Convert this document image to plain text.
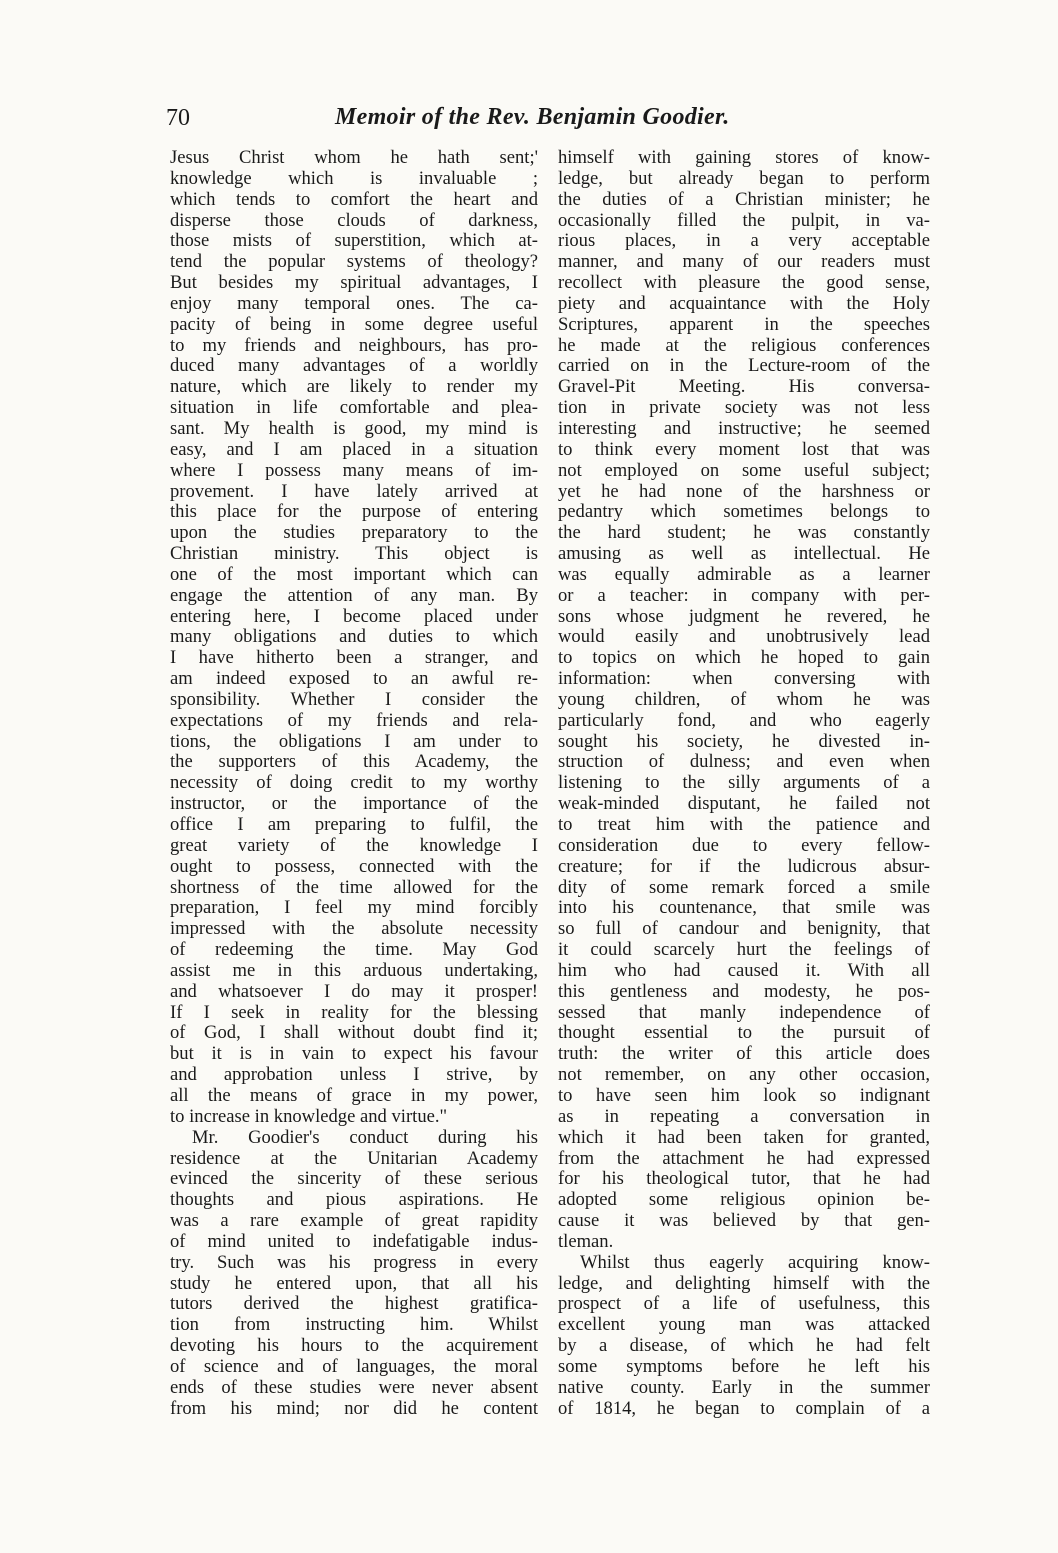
70	Memoir of the Rev. Benjamin Goodier.
Jesus Christ whom he hath sent;'
knowledge which is invaluable ;
which tends to comfort the heart and
disperse those clouds of darkness,
those mists of superstition, which at-
tend the popular systems of theology?
But besides my spiritual advantages, I
enjoy many temporal ones. The ca-
pacity of being in some degree useful
to my friends and neighbours, has pro-
duced many advantages of a worldly
nature, which are likely to render my
situation in life comfortable and plea-
sant. My health is good, my mind is
easy, and I am placed in a situation
where I possess many means of im-
provement. I have lately arrived at
this place for the purpose of entering
upon the studies preparatory to the
Christian ministry. This object is
one of the most important which can
engage the attention of any man. By
entering here, I become placed under
many obligations and duties to which
I have hitherto been a stranger, and
am indeed exposed to an awful re-
sponsibility. Whether I consider the
expectations of my friends and rela-
tions, the obligations I am under to
the supporters of this Academy, the
necessity of doing credit to my worthy
instructor, or the importance of the
office I am preparing to fulfil, the
great variety of the knowledge I
ought to possess, connected with the
shortness of the time allowed for the
preparation, I feel my mind forcibly
impressed with the absolute necessity
of redeeming the time. May God
assist me in this arduous undertaking,
and whatsoever I do may it prosper!
If I seek in reality for the blessing
of God, I shall without doubt find it;
but it is in vain to expect his favour
and approbation unless I strive, by
all the means of grace in my power,
to increase in knowledge and virtue."
Mr. Goodier's conduct during his
residence at the Unitarian Academy
evinced the sincerity of these serious
thoughts and pious aspirations. He
was a rare example of great rapidity
of mind united to indefatigable indus-
try. Such was his progress in every
study he entered upon, that all his
tutors derived the highest gratifica-
tion from instructing him. Whilst
devoting his hours to the acquirement
of science and of languages, the moral
ends of these studies were never absent
from his mind; nor did he content
himself with gaining stores of know-
ledge, but already began to perform
the duties of a Christian minister; he
occasionally filled the pulpit, in va-
rious places, in a very acceptable
manner, and many of our readers must
recollect with pleasure the good sense,
piety and acquaintance with the Holy
Scriptures, apparent in the speeches
he made at the religious conferences
carried on in the Lecture-room of the
Gravel-Pit Meeting. His conversa-
tion in private society was not less
interesting and instructive; he seemed
to think every moment lost that was
not employed on some useful subject;
yet he had none of the harshness or
pedantry which sometimes belongs to
the hard student; he was constantly
amusing as well as intellectual. He
was equally admirable as a learner
or a teacher: in company with per-
sons whose judgment he revered, he
would easily and unobtrusively lead
to topics on which he hoped to gain
information: when conversing with
young children, of whom he was
particularly fond, and who eagerly
sought his society, he divested in-
struction of dulness; and even when
listening to the silly arguments of a
weak-minded disputant, he failed not
to treat him with the patience and
consideration due to every fellow-
creature; for if the ludicrous absur-
dity of some remark forced a smile
into his countenance, that smile was
so full of candour and benignity, that
it could scarcely hurt the feelings of
him who had caused it. With all
this gentleness and modesty, he pos-
sessed that manly independence of
thought essential to the pursuit of
truth: the writer of this article does
not remember, on any other occasion,
to have seen him look so indignant
as in repeating a conversation in
which it had been taken for granted,
from the attachment he had expressed
for his theological tutor, that he had
adopted some religious opinion be-
cause it was believed by that gen-
tleman.
Whilst thus eagerly acquiring know-
ledge, and delighting himself with the
prospect of a life of usefulness, this
excellent young man was attacked
by a disease, of which he had felt
some symptoms before he left his
native county. Early in the summer
of 1814, he began to complain of a
